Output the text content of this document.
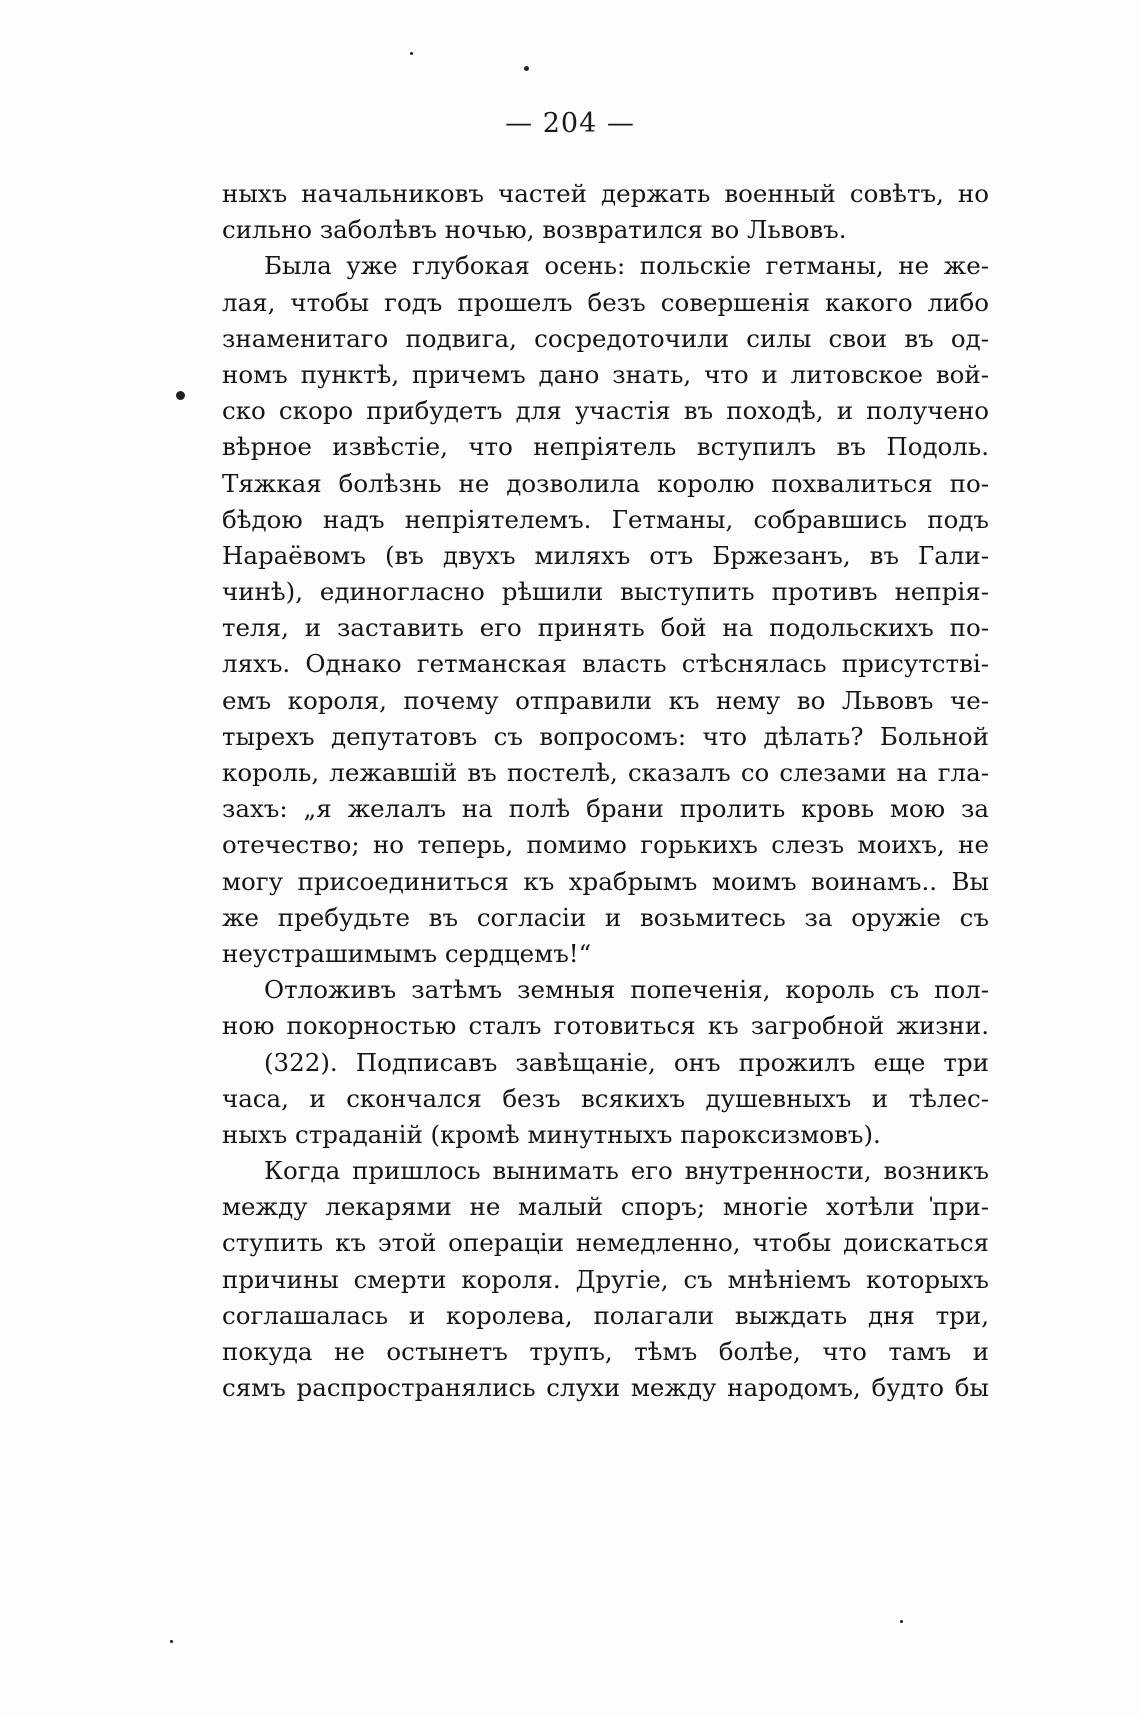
— 204 —
ныхъ начальниковъ частей держать военный совѣтъ, но
сильно заболѣвъ ночью, возвратился во Львовъ.
Была уже глубокая осень: польскіе гетманы, не же-
лая, чтобы годъ прошелъ безъ совершенія какого либо
знаменитаго подвига, сосредоточили силы свои въ од-
номъ пунктѣ, причемъ дано знать, что и литовское вой-
ско скоро прибудетъ для участія въ походѣ, и получено
вѣрное извѣстіе, что непріятель вступилъ въ Подоль.
Тяжкая болѣзнь не дозволила королю похвалиться по-
бѣдою надъ непріятелемъ. Гетманы, собравшись подъ
Нараёвомъ (въ двухъ миляхъ отъ Бржезанъ, въ Гали-
чинѣ), единогласно рѣшили выступить противъ непрія-
теля, и заставить его принять бой на подольскихъ по-
ляхъ. Однако гетманская власть стѣснялась присутствi-
емъ короля, почему отправили къ нему во Львовъ че-
тырехъ депутатовъ съ вопросомъ: что дѣлать? Больной
король, лежавшій въ постелѣ, сказалъ со слезами на гла-
захъ: „я желалъ на полѣ брани пролить кровь мою за
отечество; но теперь, помимо горькихъ слезъ моихъ, не
могу присоединиться къ храбрымъ моимъ воинамъ.. Вы
же пребудьте въ согласіи и возьмитесь за оружіе съ
неустрашимымъ сердцемъ!“
Отложивъ затѣмъ земныя попеченія, король съ пол-
ною покорностью сталъ готовиться къ загробной жизни.
(322). Подписавъ завѣщаніе, онъ прожилъ еще три
часа, и скончался безъ всякихъ душевныхъ и тѣлес-
ныхъ страданій (кромѣ минутныхъ пароксизмовъ).
Когда пришлось вынимать его внутренности, возникъ
между лекарями не малый споръ; многіе хотѣли при-
ступить къ этой операціи немедленно, чтобы доискаться
причины смерти короля. Другіе, съ мнѣніемъ которыхъ
соглашалась и королева, полагали выждать дня три,
покуда не остынетъ трупъ, тѣмъ болѣе, что тамъ и
сямъ распространялись слухи между народомъ, будто бы
